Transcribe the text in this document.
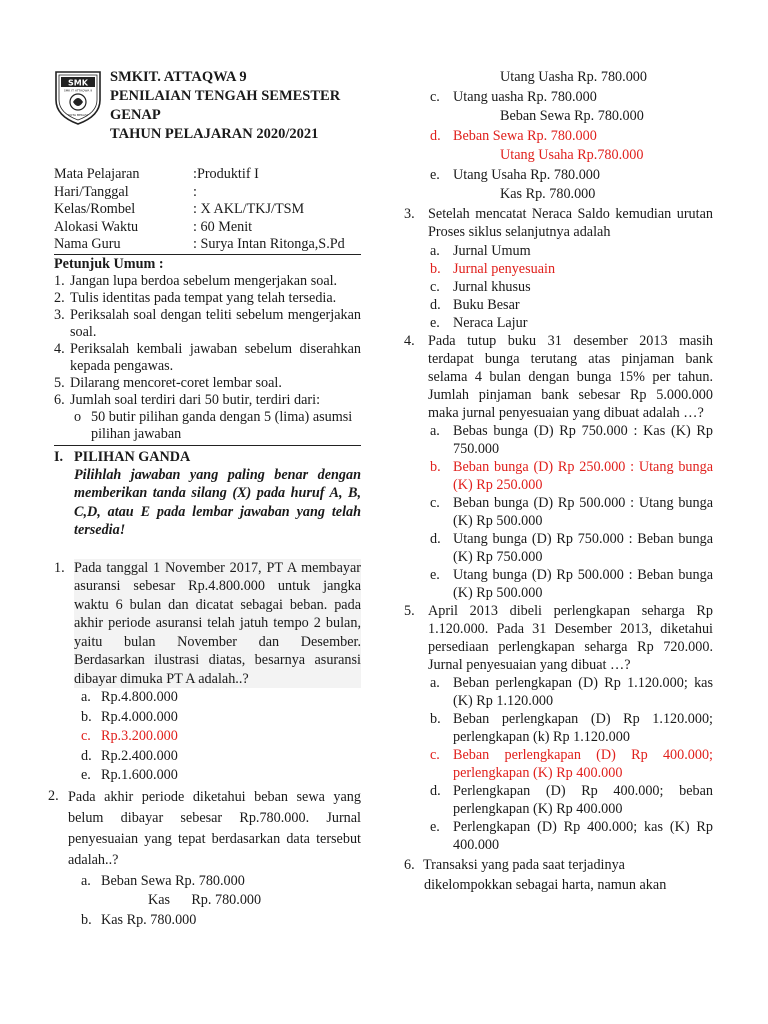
SMK
SMK IT ATTAQWA 9
KOTA BEKASI
SMKIT. ATTAQWA 9
PENILAIAN TENGAH SEMESTER GENAP
TAHUN PELAJARAN 2020/2021
Mata Pelajaran	:Produktif I
Hari/Tanggal	:
Kelas/Rombel	: X AKL/TKJ/TSM
Alokasi Waktu	: 60 Menit
Nama Guru	: Surya Intan Ritonga,S.Pd
Petunjuk Umum :
1. Jangan lupa berdoa sebelum mengerjakan soal.
2. Tulis identitas pada tempat yang telah tersedia.
3. Periksalah soal dengan teliti sebelum mengerjakan soal.
4. Periksalah kembali jawaban sebelum diserahkan kepada pengawas.
5. Dilarang mencoret-coret lembar soal.
6. Jumlah soal terdiri dari 50 butir, terdiri dari:
o 50 butir pilihan ganda dengan 5 (lima) asumsi pilihan jawaban
I. PILIHAN GANDA
Pilihlah jawaban yang paling benar dengan memberikan tanda silang (X) pada huruf A, B, C,D, atau E pada lembar jawaban yang telah tersedia!
1. Pada tanggal 1 November 2017, PT A membayar asuransi sebesar Rp.4.800.000 untuk jangka waktu 6 bulan dan dicatat sebagai beban. pada akhir periode asuransi telah jatuh tempo 2 bulan, yaitu bulan November dan Desember. Berdasarkan ilustrasi diatas, besarnya asuransi dibayar dimuka PT A adalah..?
a. Rp.4.800.000
b. Rp.4.000.000
c. Rp.3.200.000
d. Rp.2.400.000
e. Rp.1.600.000
2. Pada akhir periode diketahui beban sewa yang belum dibayar sebesar Rp.780.000. Jurnal penyesuaian yang tepat berdasarkan data tersebut adalah..?
a. Beban Sewa Rp. 780.000
Kas      Rp. 780.000
b. Kas Rp. 780.000
Utang Uasha Rp. 780.000
c. Utang uasha Rp. 780.000
Beban Sewa Rp. 780.000
d. Beban Sewa Rp. 780.000
Utang Usaha Rp.780.000
e. Utang Usaha Rp. 780.000
Kas Rp. 780.000
3. Setelah mencatat Neraca Saldo kemudian urutan Proses siklus selanjutnya adalah
a. Jurnal Umum
b. Jurnal penyesuain
c. Jurnal khusus
d. Buku Besar
e. Neraca Lajur
4. Pada tutup buku 31 desember 2013 masih terdapat bunga terutang atas pinjaman bank selama 4 bulan dengan bunga 15% per tahun. Jumlah pinjaman bank sebesar Rp 5.000.000 maka jurnal penyesuaian yang dibuat adalah …?
a. Bebas bunga (D) Rp 750.000 : Kas (K) Rp 750.000
b. Beban bunga (D) Rp 250.000 : Utang bunga (K) Rp 250.000
c. Beban bunga (D) Rp 500.000 : Utang bunga (K) Rp 500.000
d. Utang bunga (D) Rp 750.000 : Beban bunga (K) Rp 750.000
e. Utang bunga (D) Rp 500.000 : Beban bunga (K) Rp 500.000
5. April 2013 dibeli perlengkapan seharga Rp 1.120.000. Pada 31 Desember 2013, diketahui persediaan perlengkapan seharga Rp 720.000. Jurnal penyesuaian yang dibuat …?
a. Beban perlengkapan (D) Rp 1.120.000; kas (K) Rp 1.120.000
b. Beban perlengkapan (D) Rp 1.120.000; perlengkapan (k) Rp 1.120.000
c. Beban perlengkapan (D) Rp 400.000; perlengkapan (K) Rp 400.000
d. Perlengkapan (D) Rp 400.000; beban perlengkapan (K) Rp 400.000
e. Perlengkapan (D) Rp 400.000; kas (K) Rp 400.000
6. Transaksi yang pada saat terjadinya
dikelompokkan sebagai harta, namun akan
